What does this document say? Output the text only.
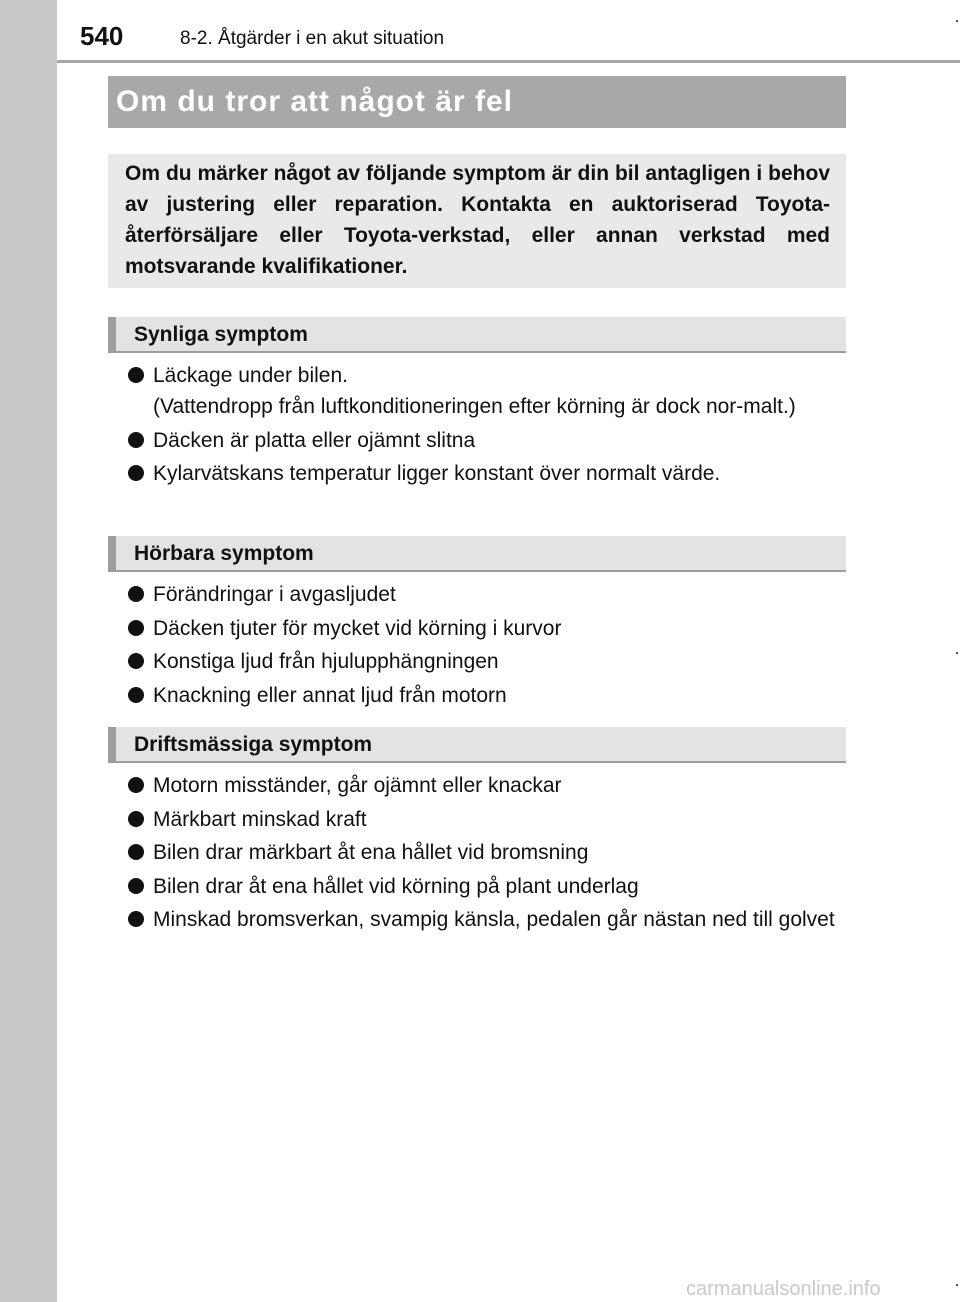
540	8-2. Åtgärder i en akut situation
Om du tror att något är fel
Om du märker något av följande symptom är din bil antagligen i behov av justering eller reparation. Kontakta en auktoriserad Toyota-återförsäljare eller Toyota-verkstad, eller annan verkstad med motsvarande kvalifikationer.
Synliga symptom
Läckage under bilen.
(Vattendropp från luftkonditioneringen efter körning är dock nor-malt.)
Däcken är platta eller ojämnt slitna
Kylarvätskans temperatur ligger konstant över normalt värde.
Hörbara symptom
Förändringar i avgasljudet
Däcken tjuter för mycket vid körning i kurvor
Konstiga ljud från hjulupphängningen
Knackning eller annat ljud från motorn
Driftsmässiga symptom
Motorn misständer, går ojämnt eller knackar
Märkbart minskad kraft
Bilen drar märkbart åt ena hållet vid bromsning
Bilen drar åt ena hållet vid körning på plant underlag
Minskad bromsverkan, svampig känsla, pedalen går nästan ned till golvet
carmanualsonline.info
